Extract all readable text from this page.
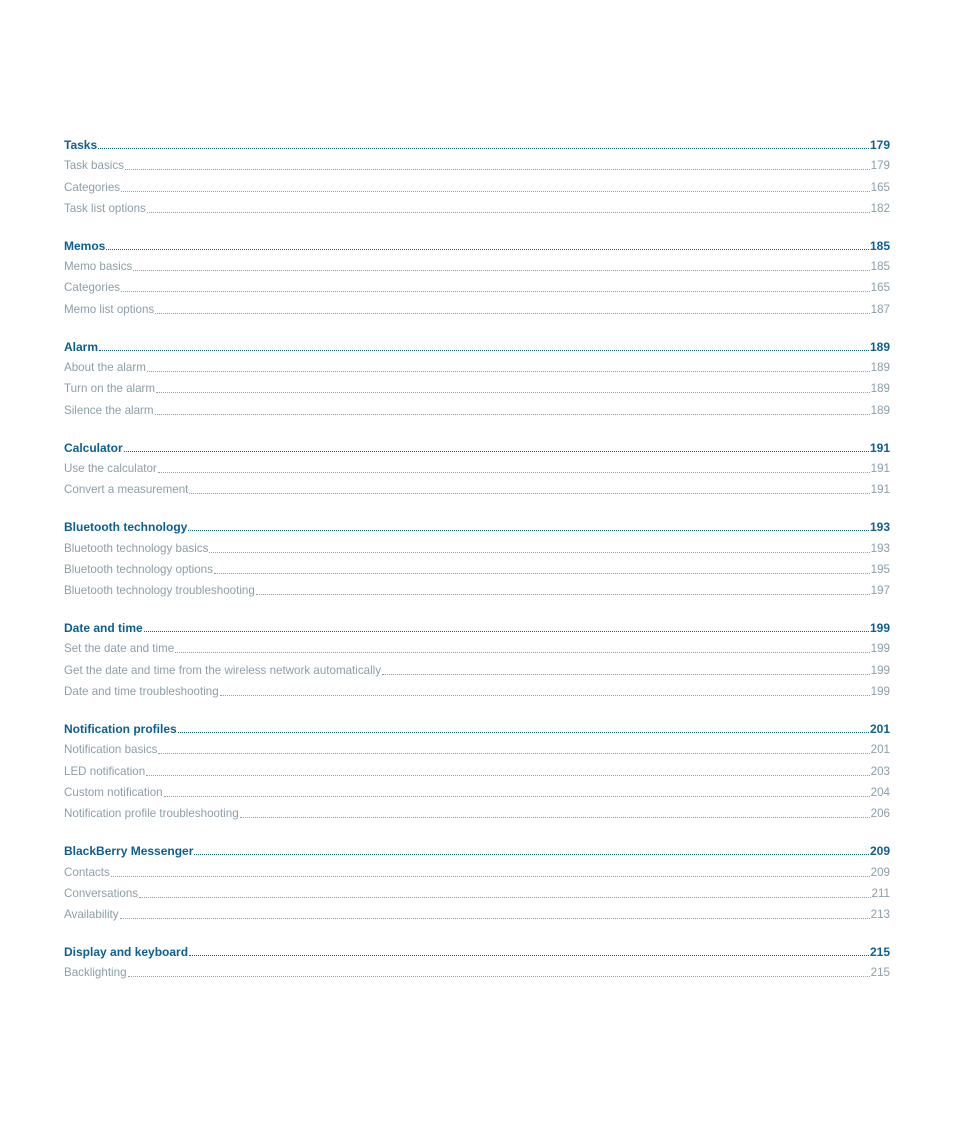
Tasks	179
Task basics	179
Categories	165
Task list options	182
Memos	185
Memo basics	185
Categories	165
Memo list options	187
Alarm	189
About the alarm	189
Turn on the alarm	189
Silence the alarm	189
Calculator	191
Use the calculator	191
Convert a measurement	191
Bluetooth technology	193
Bluetooth technology basics	193
Bluetooth technology options	195
Bluetooth technology troubleshooting	197
Date and time	199
Set the date and time	199
Get the date and time from the wireless network automatically	199
Date and time troubleshooting	199
Notification profiles	201
Notification basics	201
LED notification	203
Custom notification	204
Notification profile troubleshooting	206
BlackBerry Messenger	209
Contacts	209
Conversations	211
Availability	213
Display and keyboard	215
Backlighting	215
